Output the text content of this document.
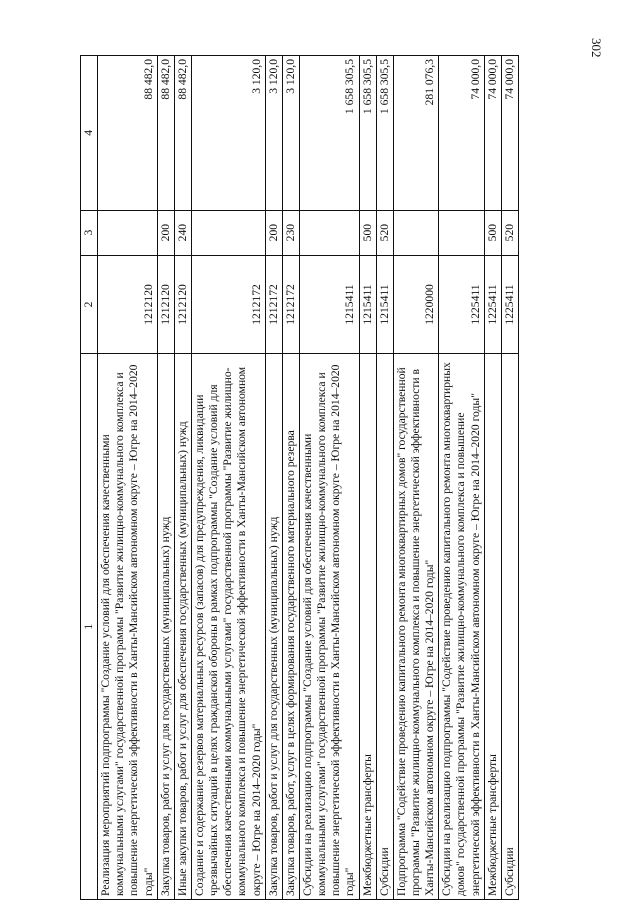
302
1	2	3	4
Реализация мероприятий подпрограммы "Создание условий для обеспечения качественными коммунальными услугами" государственной программы "Развитие жилищно-коммунального комплекса и повышение энергетической эффективности в Ханты-Мансийском автономном округе – Югре на 2014–2020 годы"	1212120		88 482,0
Закупка товаров, работ и услуг для государственных (муниципальных) нужд	1212120	200	88 482,0
Иные закупки товаров, работ и услуг для обеспечения государственных (муниципальных) нужд	1212120	240	88 482,0
Создание и содержание резервов материальных ресурсов (запасов) для предупреждения, ликвидации чрезвычайных ситуаций в целях гражданской обороны в рамках подпрограммы "Создание условий для обеспечения качественными коммунальными услугами" государственной программы "Развитие жилищно-коммунального комплекса и повышение энергетической эффективности в Ханты-Мансийском автономном округе – Югре на 2014–2020 годы"	1212172		3 120,0
Закупка товаров, работ и услуг для государственных (муниципальных) нужд	1212172	200	3 120,0
Закупка товаров, работ, услуг в целях формирования государственного материального резерва	1212172	230	3 120,0
Субсидии на реализацию подпрограммы "Создание условий для обеспечения качественными коммунальными услугами" государственной программы "Развитие жилищно-коммунального комплекса и повышение энергетической эффективности в Ханты-Мансийском автономном округе – Югре на 2014–2020 годы"	1215411		1 658 305,5
Межбюджетные трансферты	1215411	500	1 658 305,5
Субсидии	1215411	520	1 658 305,5
Подпрограмма "Содействие проведению капитального ремонта многоквартирных домов" государственной программы "Развитие жилищно-коммунального комплекса и повышение энергетической эффективности в Ханты-Мансийском автономном округе – Югре на 2014–2020 годы"	1220000		281 076,3
Субсидии на реализацию подпрограммы "Содействие проведению капитального ремонта многоквартирных домов" государственной программы "Развитие жилищно-коммунального комплекса и повышение энергетической эффективности в Ханты-Мансийском автономном округе – Югре на 2014–2020 годы"	1225411		74 000,0
Межбюджетные трансферты	1225411	500	74 000,0
Субсидии	1225411	520	74 000,0
